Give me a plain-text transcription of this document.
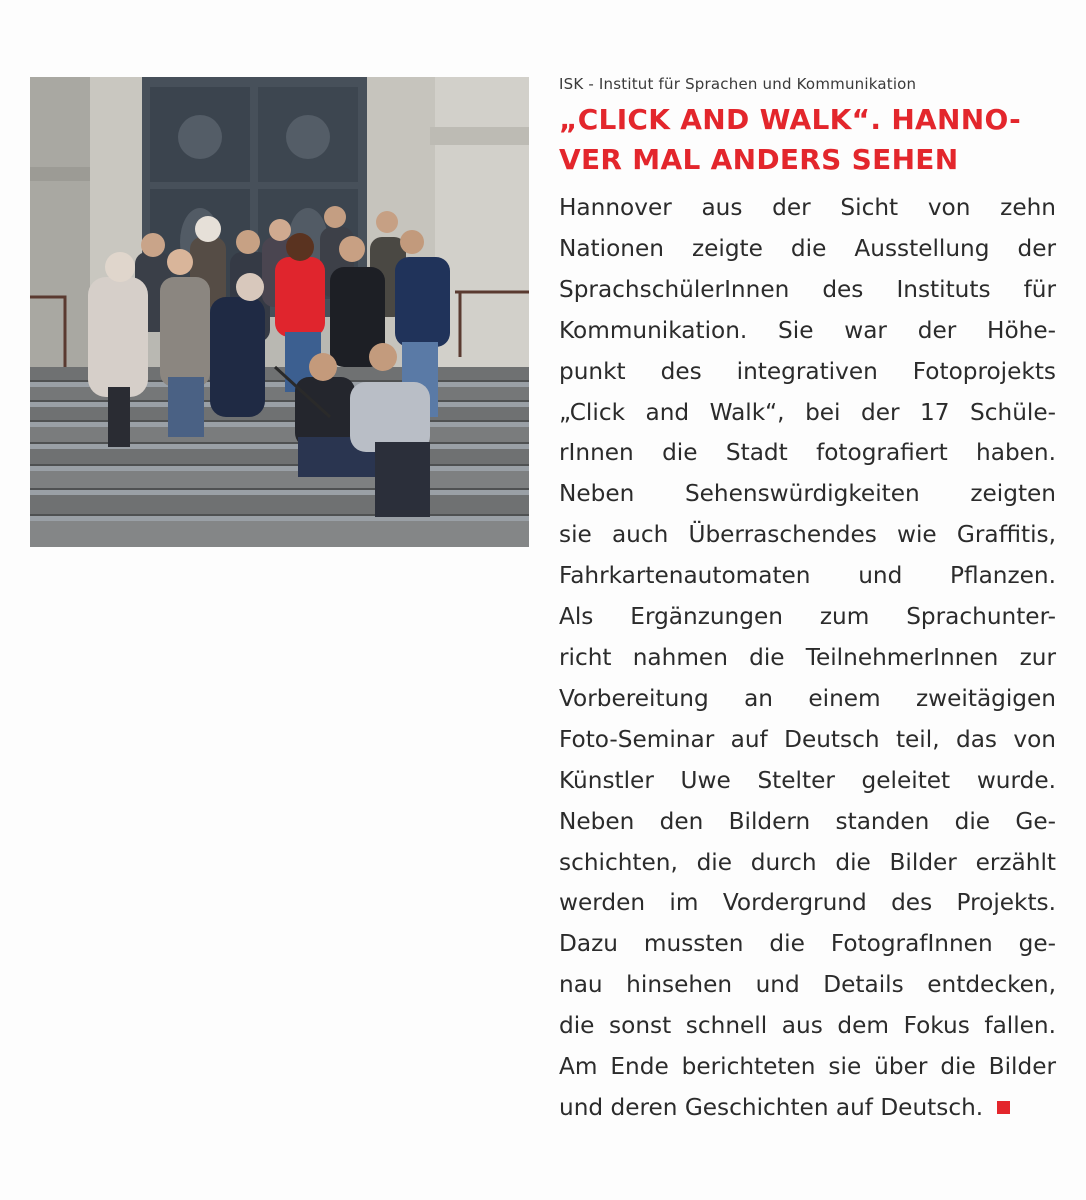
ISK - Institut für Sprachen und Kommunikation
„CLICK AND WALK“. HANNO-
VER MAL ANDERS SEHEN
Hannover aus der Sicht von zehn
Nationen zeigte die Ausstellung der
SprachschülerInnen des Instituts für
Kommunikation. Sie war der Höhe-
punkt des integrativen Fotoprojekts
„Click and Walk“, bei der 17 Schüle-
rInnen die Stadt fotografiert haben.
Neben Sehenswürdigkeiten zeigten
sie auch Überraschendes wie Graffitis,
Fahrkartenautomaten und Pflanzen.
Als Ergänzungen zum Sprachunter-
richt nahmen die TeilnehmerInnen zur
Vorbereitung an einem zweitägigen
Foto-Seminar auf Deutsch teil, das von
Künstler Uwe Stelter geleitet wurde.
Neben den Bildern standen die Ge-
schichten, die durch die Bilder erzählt
werden im Vordergrund des Projekts.
Dazu mussten die FotografInnen ge-
nau hinsehen und Details entdecken,
die sonst schnell aus dem Fokus fallen.
Am Ende berichteten sie über die Bilder
und deren Geschichten auf Deutsch.
